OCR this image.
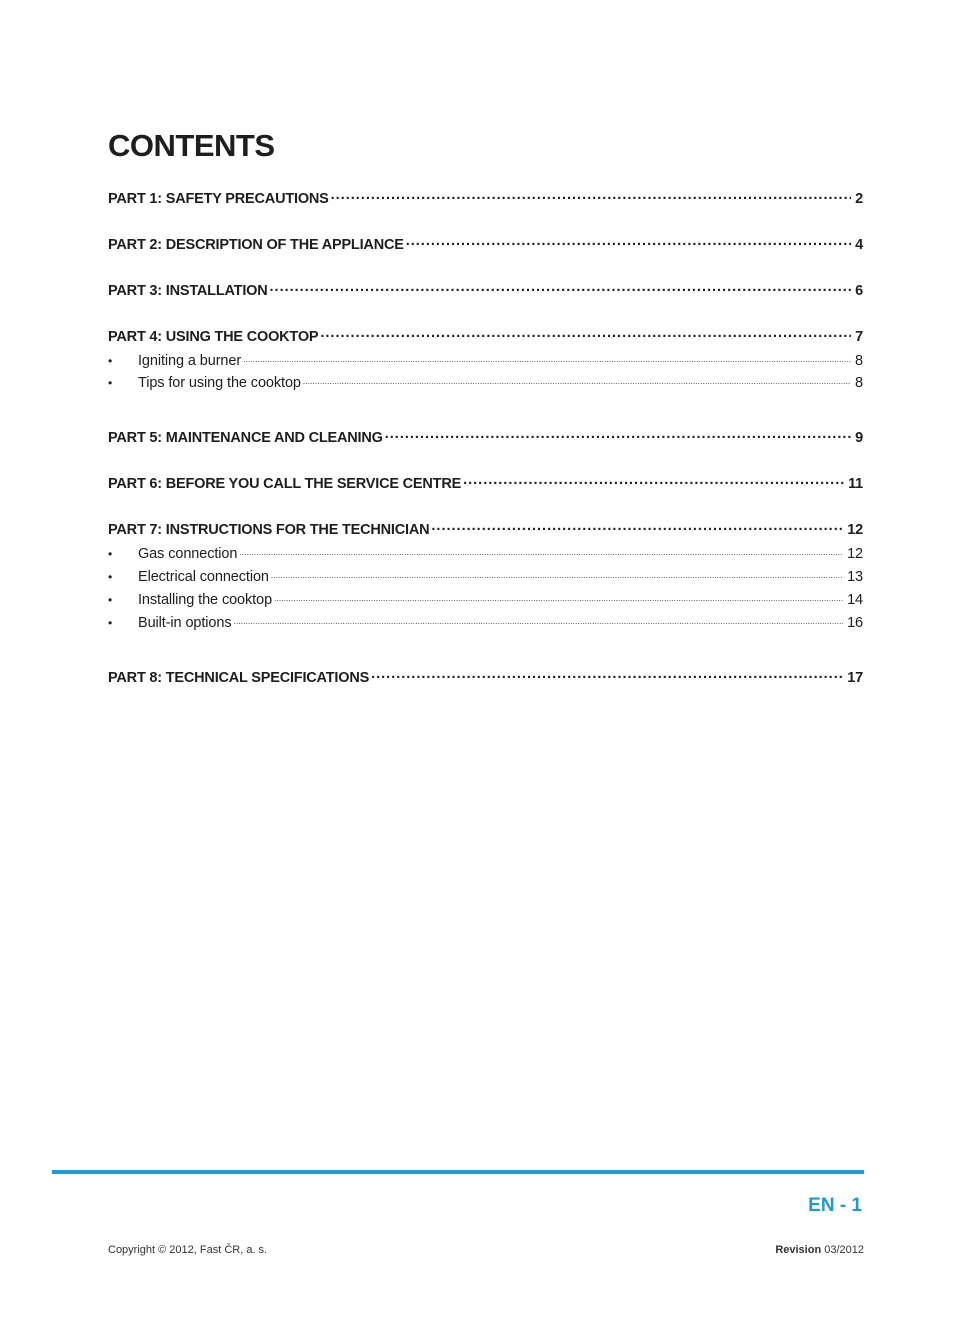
CONTENTS
PART 1: SAFETY PRECAUTIONS .....	2
PART 2: DESCRIPTION OF THE APPLIANCE .....	4
PART 3: INSTALLATION .....	6
PART 4: USING THE COOKTOP .....	7
•	Igniting a burner .....	8
•	Tips for using the cooktop .....	8
PART 5: MAINTENANCE AND CLEANING .....	9
PART 6: BEFORE YOU CALL THE SERVICE CENTRE .....	11
PART 7: INSTRUCTIONS FOR THE TECHNICIAN .....	12
•	Gas connection .....	12
•	Electrical connection .....	13
•	Installing the cooktop .....	14
•	Built-in options .....	16
PART 8: TECHNICAL SPECIFICATIONS .....	17
EN - 1
Copyright © 2012, Fast ČR, a. s.	Revision 03/2012
